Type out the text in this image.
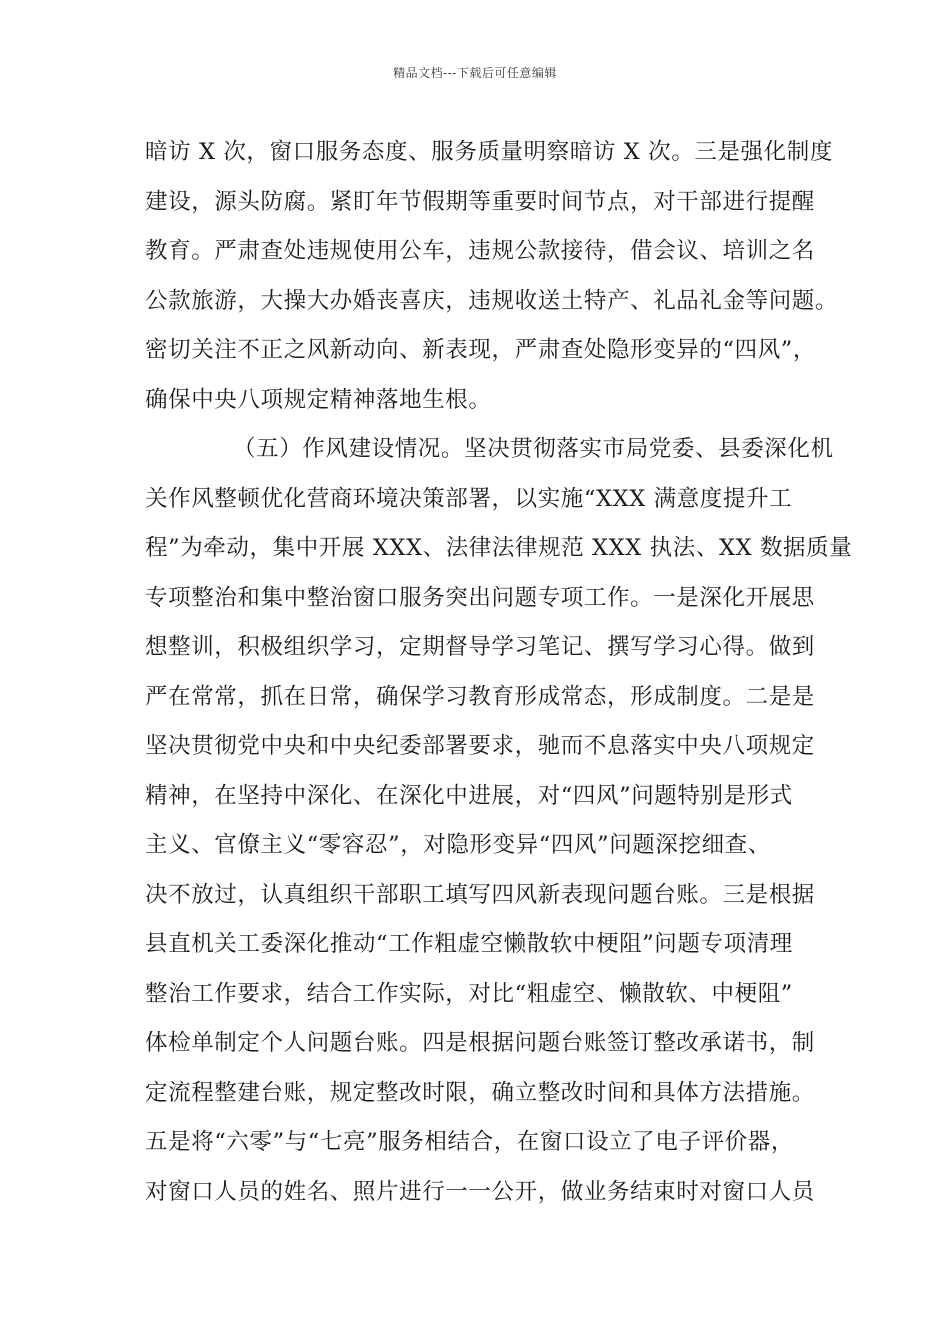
精品文档---下载后可任意编辑
暗访 X 次，窗口服务态度、服务质量明察暗访 X 次。三是强化制度
建设，源头防腐。紧盯年节假期等重要时间节点，对干部进行提醒
教育。严肃查处违规使用公车，违规公款接待，借会议、培训之名
公款旅游，大操大办婚丧喜庆，违规收送土特产、礼品礼金等问题。
密切关注不正之风新动向、新表现，严肃查处隐形变异的“四风”，
确保中央八项规定精神落地生根。
（五）作风建设情况。坚决贯彻落实市局党委、县委深化机
关作风整顿优化营商环境决策部署，以实施“XXX 满意度提升工
程”为牵动，集中开展 XXX、法律法律规范 XXX 执法、XX 数据质量
专项整治和集中整治窗口服务突出问题专项工作。一是深化开展思
想整训，积极组织学习，定期督导学习笔记、撰写学习心得。做到
严在常常，抓在日常，确保学习教育形成常态，形成制度。二是是
坚决贯彻党中央和中央纪委部署要求，驰而不息落实中央八项规定
精神，在坚持中深化、在深化中进展，对“四风”问题特别是形式
主义、官僚主义“零容忍”，对隐形变异“四风”问题深挖细查、
决不放过，认真组织干部职工填写四风新表现问题台账。三是根据
县直机关工委深化推动“工作粗虚空懒散软中梗阻”问题专项清理
整治工作要求，结合工作实际，对比“粗虚空、懒散软、中梗阻”
体检单制定个人问题台账。四是根据问题台账签订整改承诺书，制
定流程整建台账，规定整改时限，确立整改时间和具体方法措施。
五是将“六零”与“七亮”服务相结合，在窗口设立了电子评价器，
对窗口人员的姓名、照片进行一一公开，做业务结束时对窗口人员
